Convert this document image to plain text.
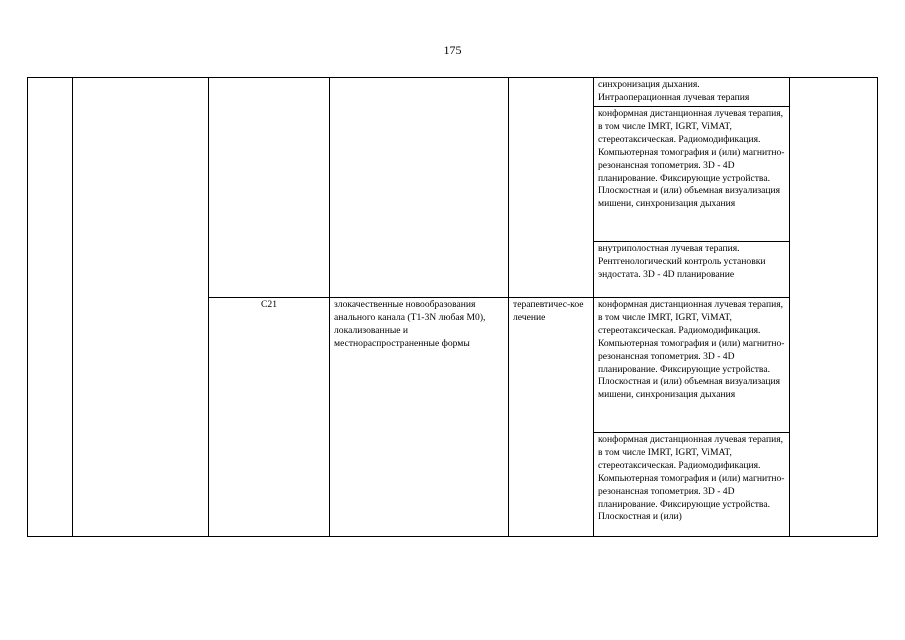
175
					синхронизация дыхания.
Интраоперационная лучевая терапия	
					конформная дистанционная лучевая терапия, в том числе IMRT, IGRT, ViMAT, стереотаксическая. Радиомодификация. Компьютерная томография и (или) магнитно-резонансная топометрия. 3D - 4D планирование. Фиксирующие устройства. Плоскостная и (или) объемная визуализация мишени, синхронизация дыхания	
					внутриполостная лучевая терапия. Рентгенологический контроль установки эндостата. 3D - 4D планирование	
		C21	злокачественные новообразования анального канала (T1-3N любая M0), локализованные и местнораспространенные формы	терапевтичес-кое лечение	конформная дистанционная лучевая терапия, в том числе IMRT, IGRT, ViMAT, стереотаксическая. Радиомодификация. Компьютерная томография и (или) магнитно-резонансная топометрия. 3D - 4D планирование. Фиксирующие устройства. Плоскостная и (или) объемная визуализация мишени, синхронизация дыхания	
					конформная дистанционная лучевая терапия, в том числе IMRT, IGRT, ViMAT, стереотаксическая. Радиомодификация. Компьютерная томография и (или) магнитно-резонансная топометрия. 3D - 4D планирование. Фиксирующие устройства. Плоскостная и (или)	
